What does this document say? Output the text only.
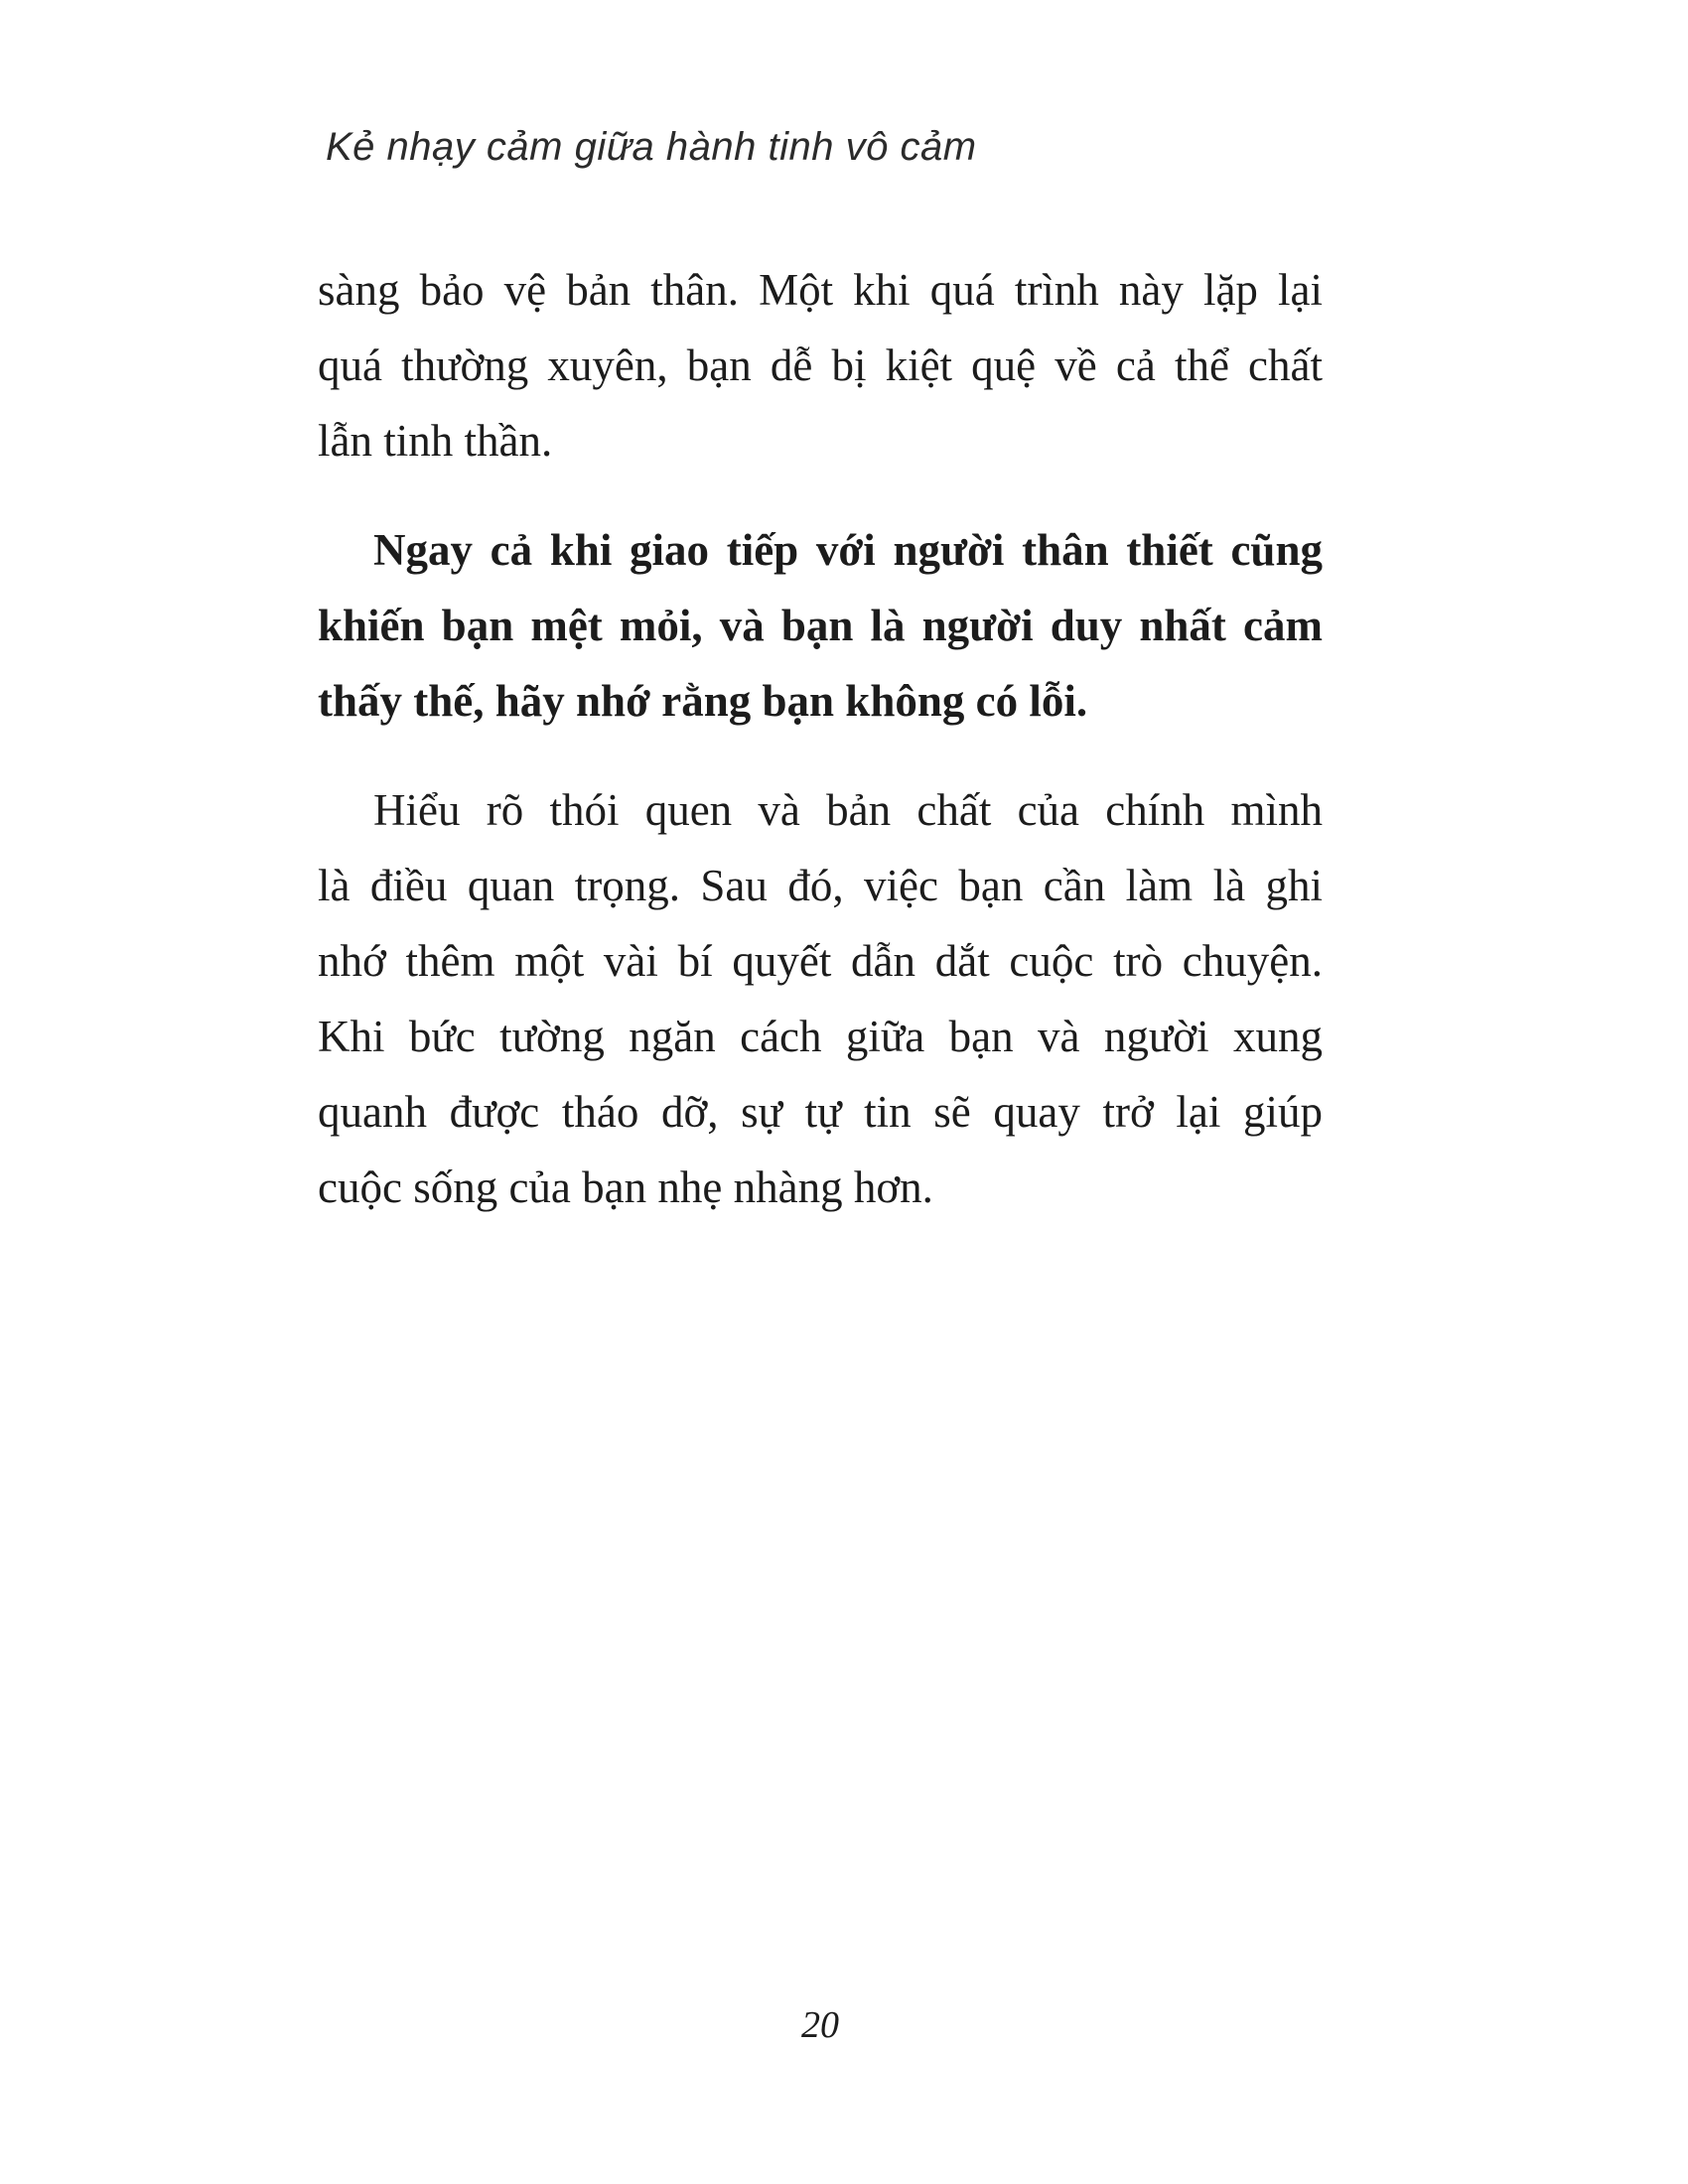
Kẻ nhạy cảm giữa hành tinh vô cảm
sàng bảo vệ bản thân. Một khi quá trình này lặp lại
quá thường xuyên, bạn dễ bị kiệt quệ về cả thể chất
lẫn tinh thần.
Ngay cả khi giao tiếp với người thân thiết cũng
khiến bạn mệt mỏi, và bạn là người duy nhất cảm
thấy thế, hãy nhớ rằng bạn không có lỗi.
Hiểu rõ thói quen và bản chất của chính mình
là điều quan trọng. Sau đó, việc bạn cần làm là ghi
nhớ thêm một vài bí quyết dẫn dắt cuộc trò chuyện.
Khi bức tường ngăn cách giữa bạn và người xung
quanh được tháo dỡ, sự tự tin sẽ quay trở lại giúp
cuộc sống của bạn nhẹ nhàng hơn.
20
